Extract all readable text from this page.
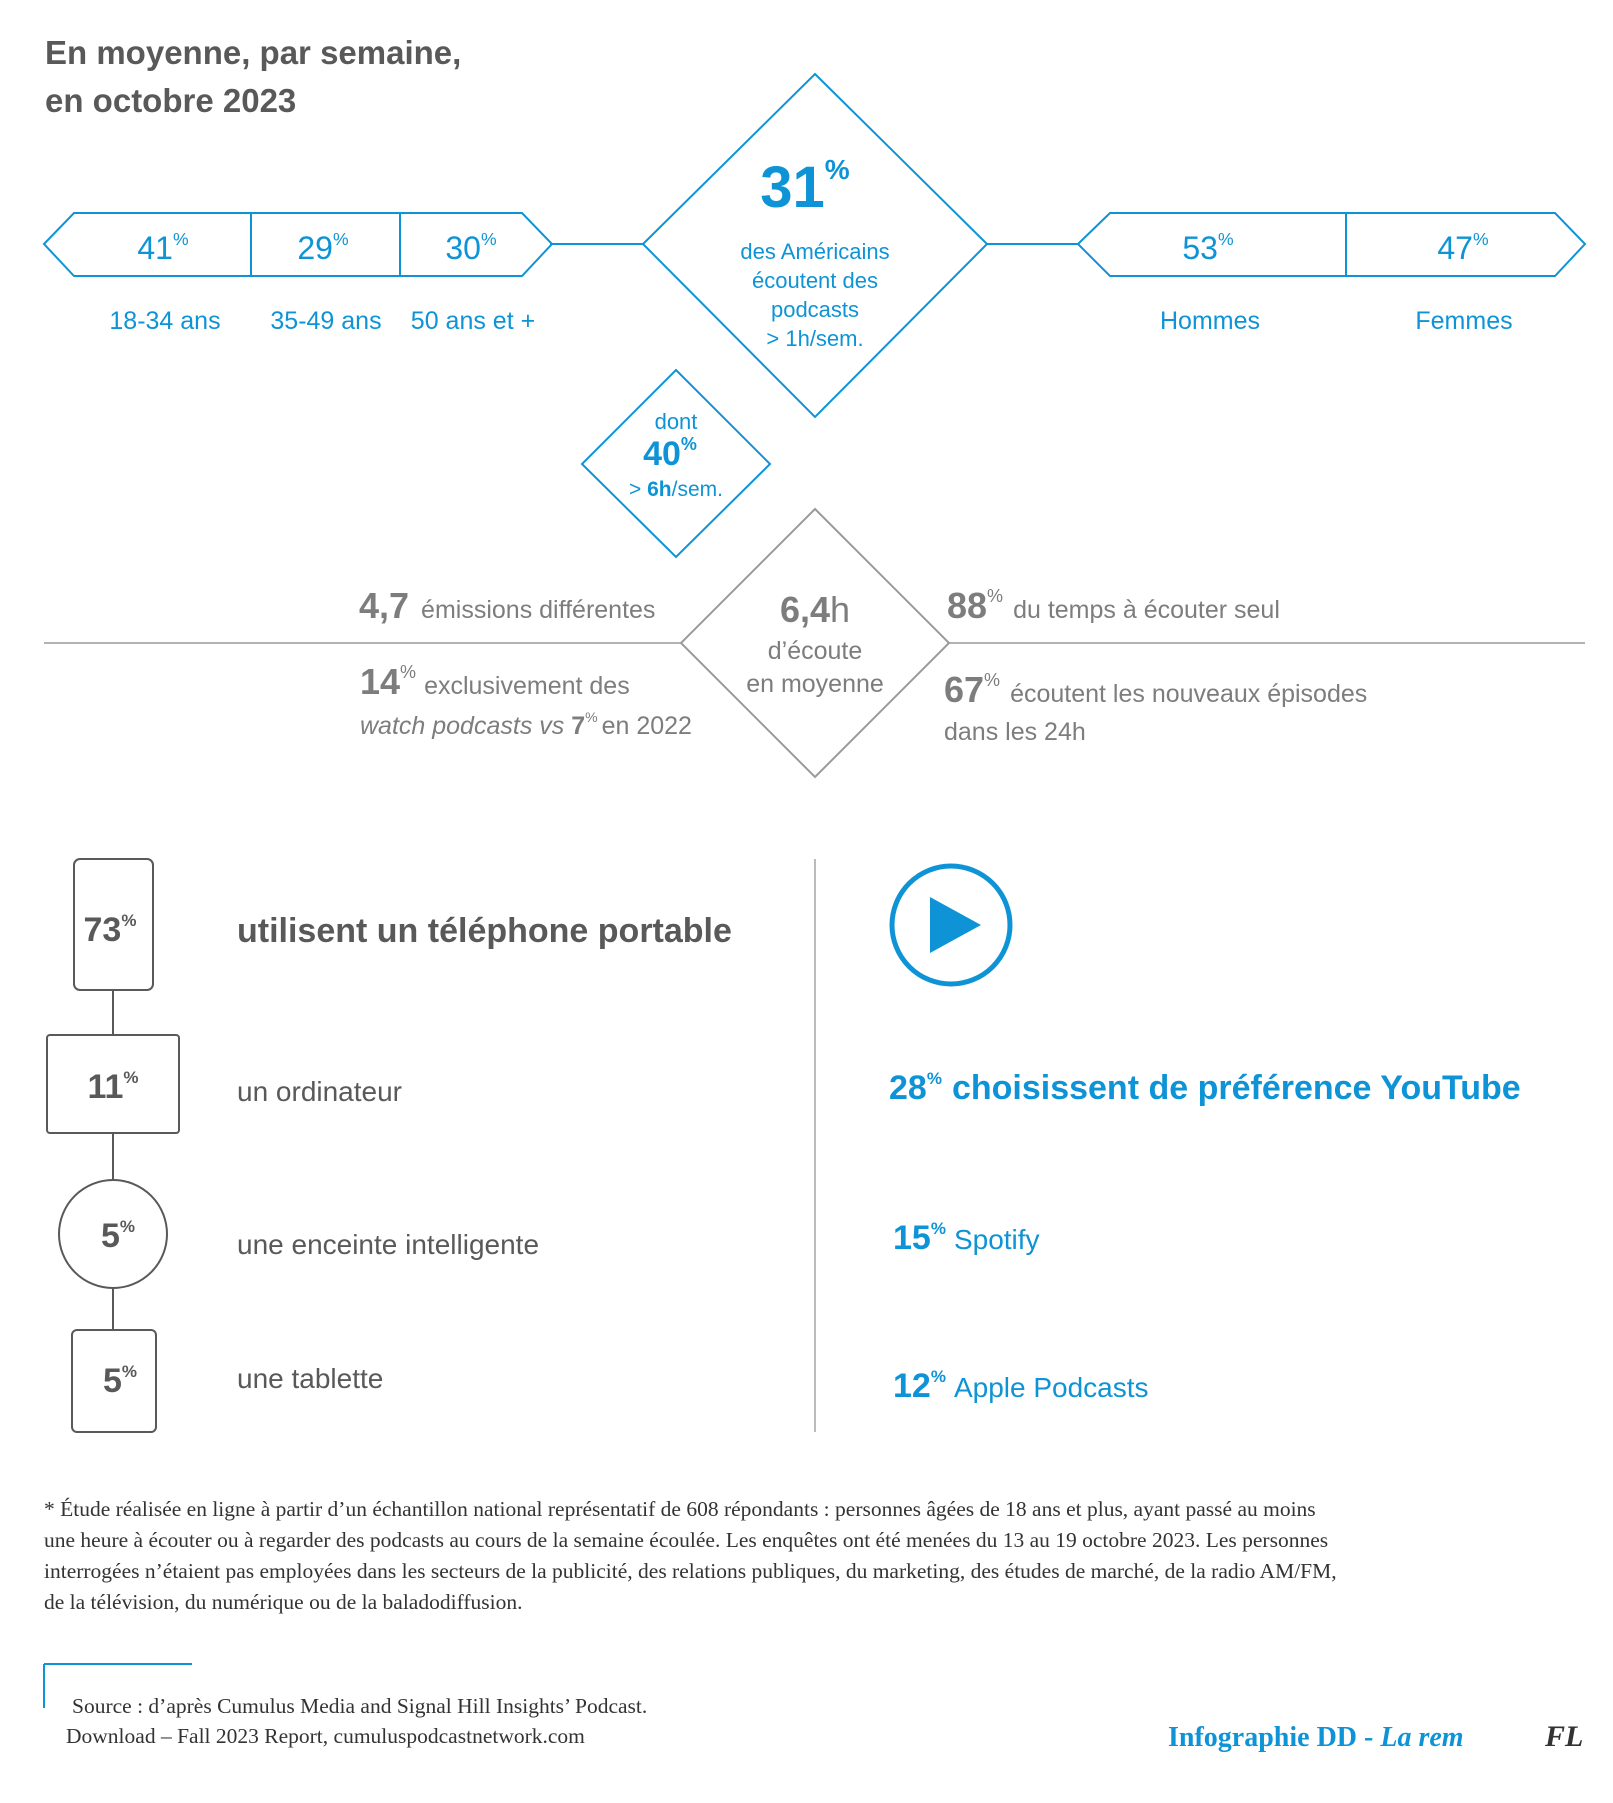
En moyenne, par semaine,
en octobre 2023
41%	29%	30%
18-34 ans 35-49 ans 50 ans et +
53%	47%
Hommes	Femmes
31%
des Américains
écoutent des
podcasts
> 1h/sem.
dont
40%
> 6h/sem.
6,4h
d’écoute
en moyenne
4,7 émissions différentes
14% exclusivement des
watch podcasts vs 7% en 2022
88% du temps à écouter seul
67% écoutent les nouveaux épisodes
dans les 24h
73%	utilisent un téléphone portable
11%	un ordinateur
5%
une enceinte intelligente
5%	une tablette
28% choisissent de préférence YouTube
15% Spotify
12% Apple Podcasts
* Étude réalisée en ligne à partir d’un échantillon national représentatif de 608 répondants : personnes âgées de 18 ans et plus, ayant passé au moins
une heure à écouter ou à regarder des podcasts au cours de la semaine écoulée. Les enquêtes ont été menées du 13 au 19 octobre 2023. Les personnes
interrogées n’étaient pas employées dans les secteurs de la publicité, des relations publiques, du marketing, des études de marché, de la radio AM/FM,
de la télévision, du numérique ou de la baladodiffusion.
Source : d’après Cumulus Media and Signal Hill Insights’ Podcast.
Download – Fall 2023 Report, cumuluspodcastnetwork.com	Infographie DD - La rem	FL
